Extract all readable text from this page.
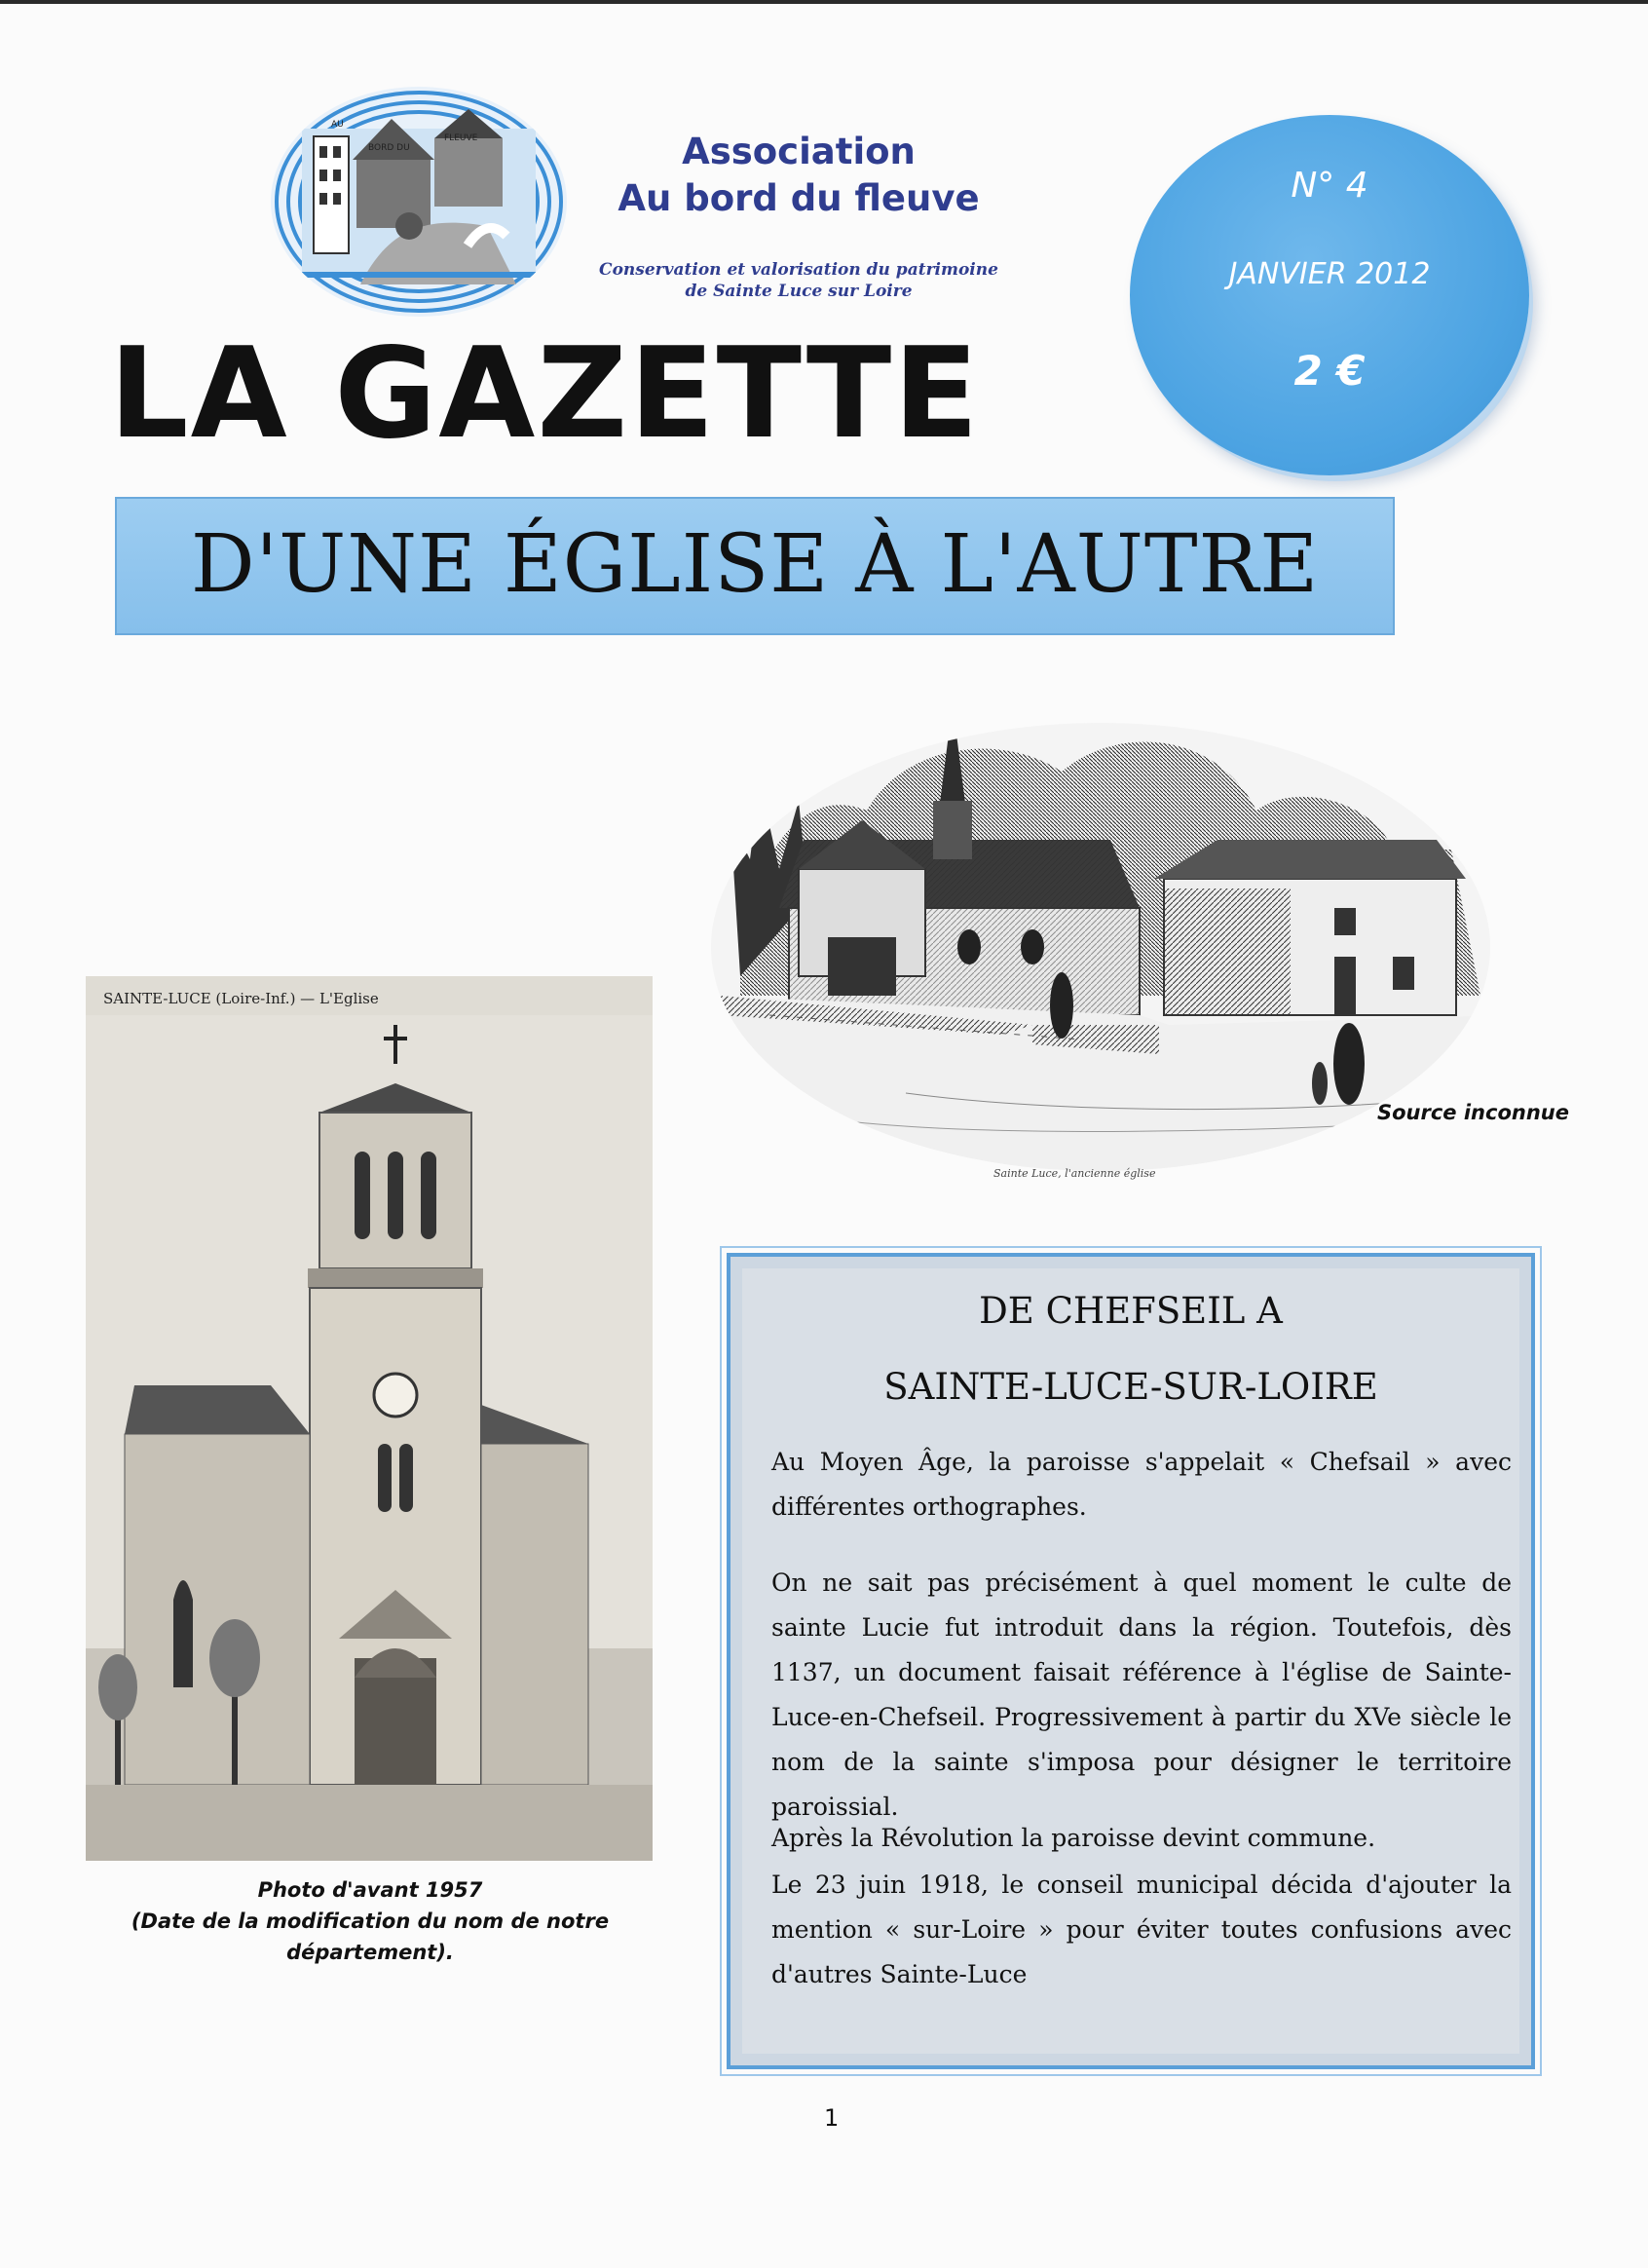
AU
BORD DU
FLEUVE	Association
Au bord du fleuve
Conservation et valorisation du patrimoine
de Sainte Luce sur Loire
N° 4
JANVIER 2012
2 €
LA GAZETTE
D'UNE ÉGLISE À L'AUTRE
Sainte Luce, l'ancienne église
Source inconnue
SAINTE-LUCE (Loire-Inf.) — L'Eglise
Photo d'avant 1957
(Date de la modification du nom de notre département).
DE CHEFSEIL A
SAINTE-LUCE-SUR-LOIRE
Au Moyen Âge, la paroisse s'appelait « Chefsail » avec différentes orthographes.
On ne sait pas précisément à quel moment le culte de sainte Lucie fut introduit dans la région. Toutefois, dès 1137, un document faisait référence à l'église de Sainte-Luce-en-Chefseil. Progressivement à partir du XVe siècle le nom de la sainte s'imposa pour désigner le territoire paroissial.
Après la Révolution la paroisse devint commune.
Le 23 juin 1918, le conseil municipal décida d'ajouter la mention « sur-Loire » pour éviter toutes confusions avec d'autres Sainte-Luce
1
